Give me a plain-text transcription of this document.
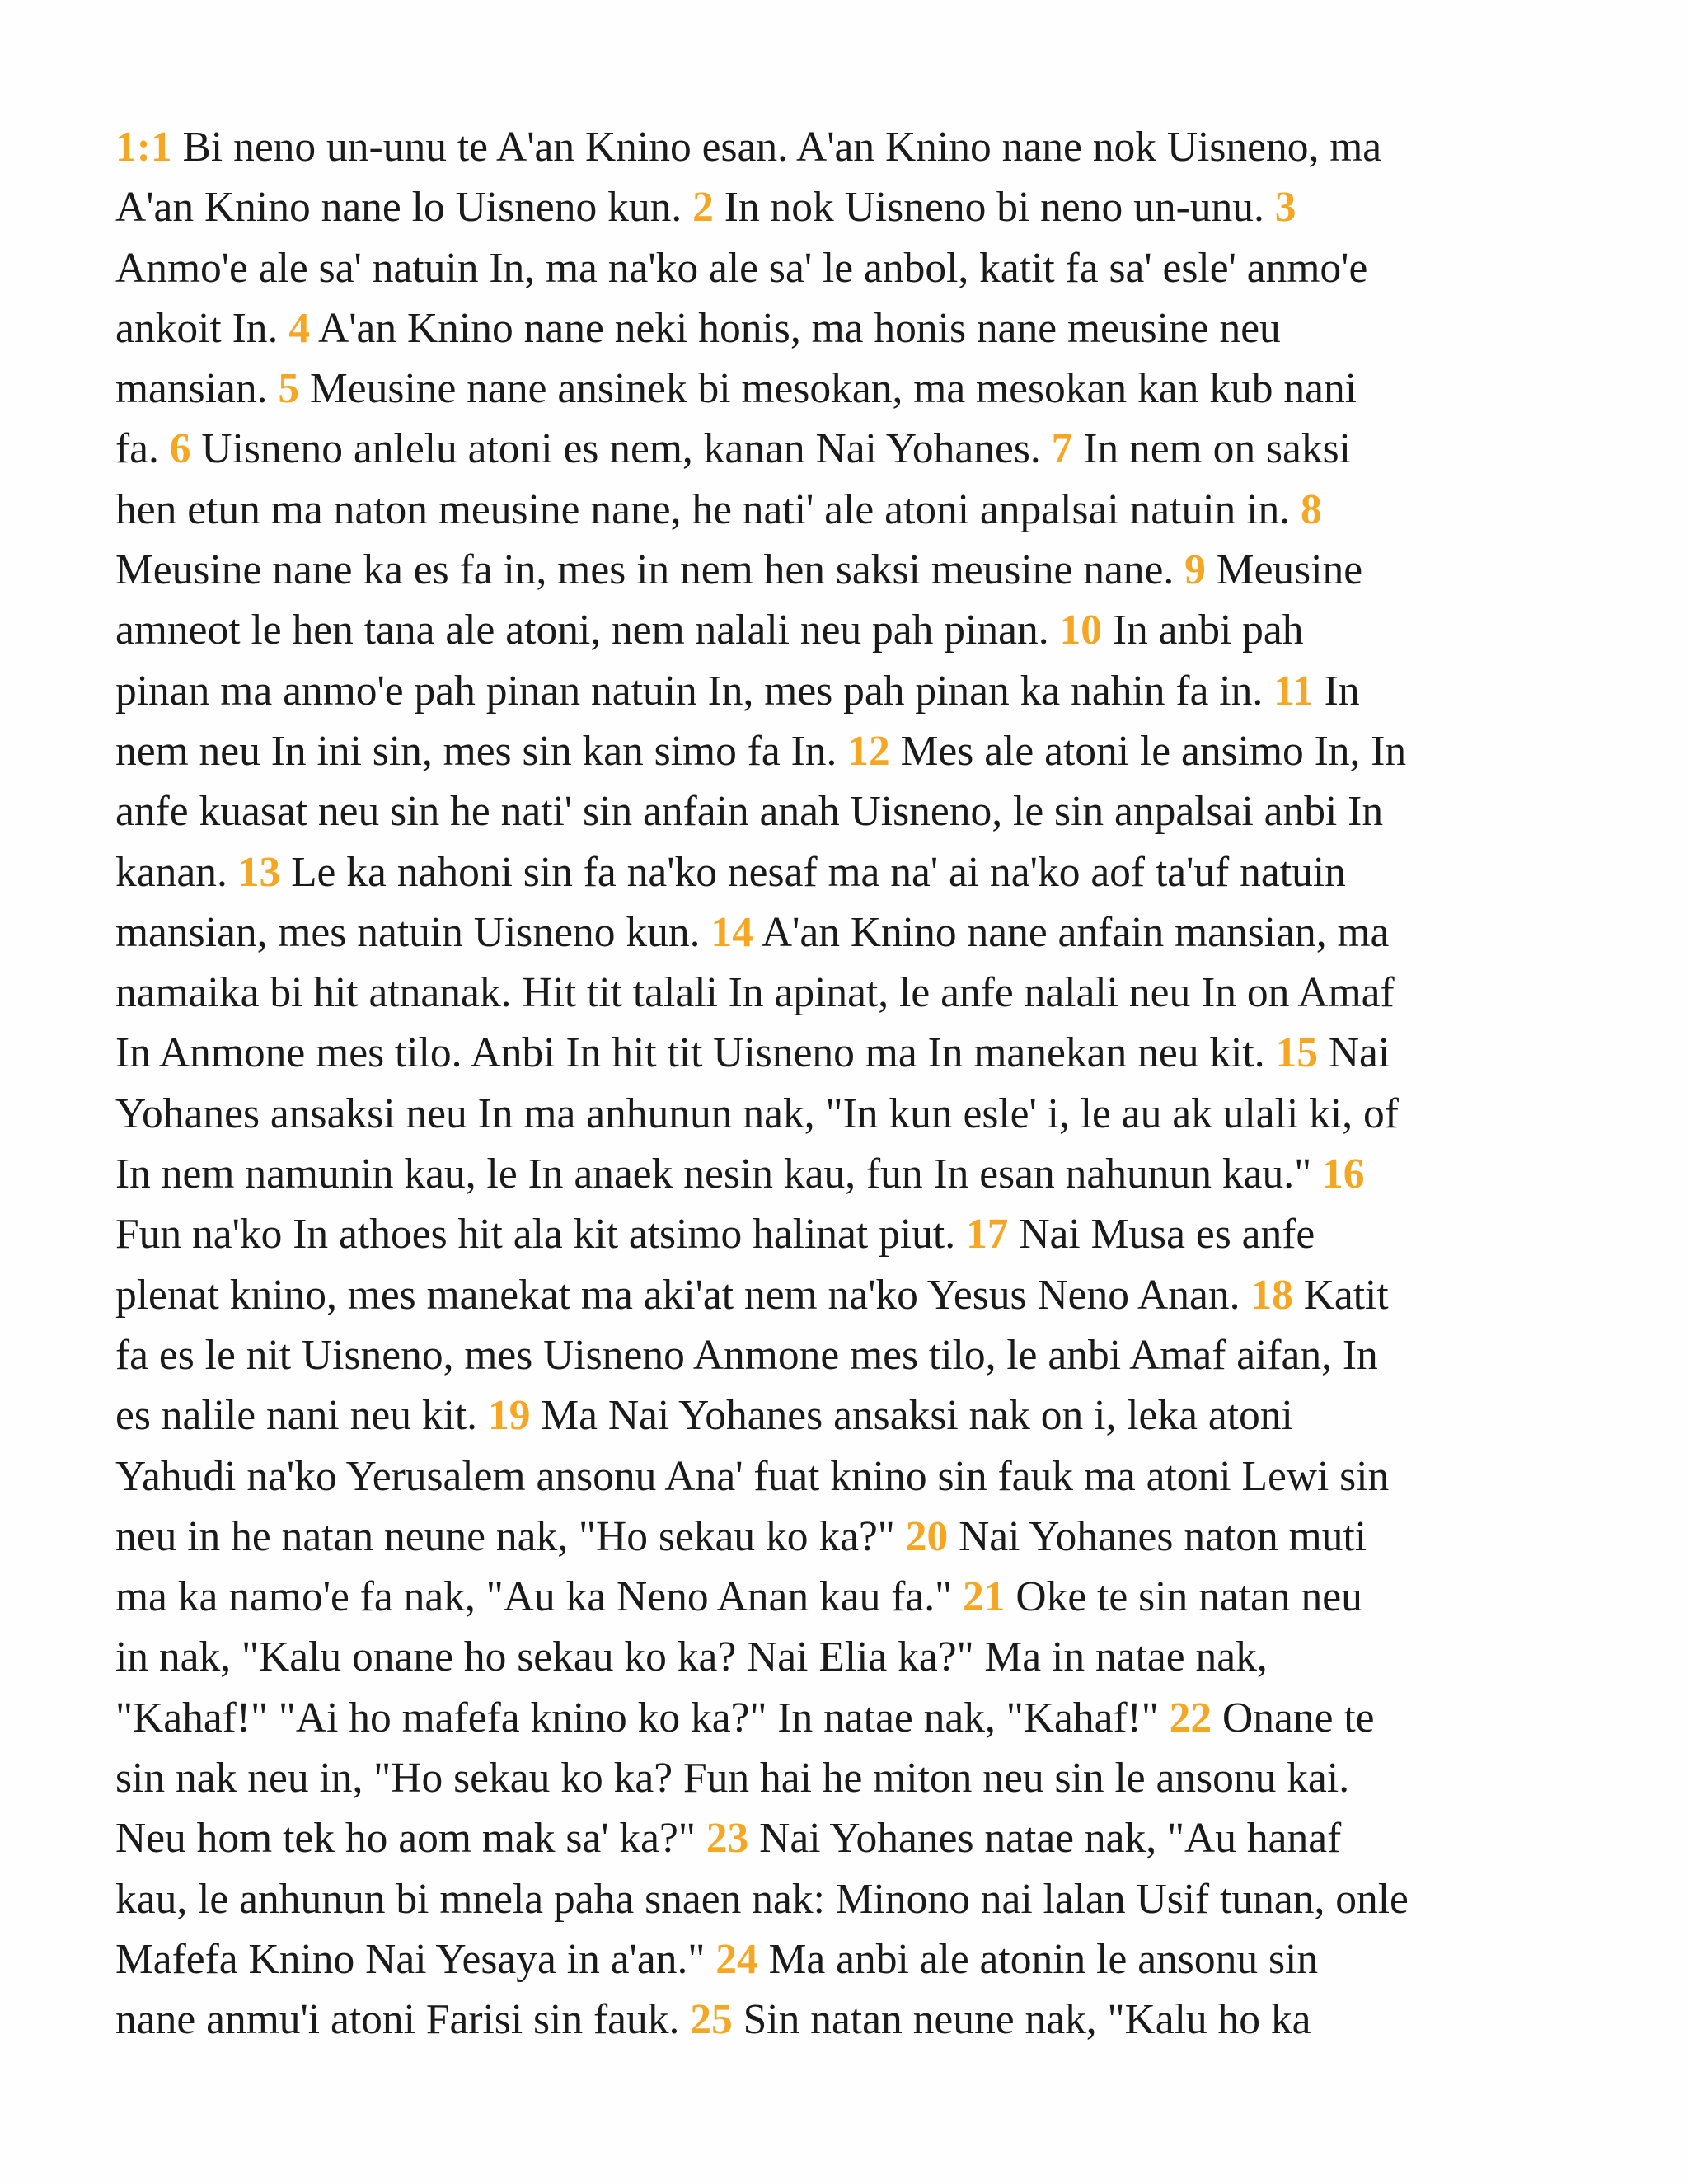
1:1 Bi neno un-unu te A'an Knino esan. A'an Knino nane nok Uisneno, ma
A'an Knino nane lo Uisneno kun. 2 In nok Uisneno bi neno un-unu. 3
Anmo'e ale sa' natuin In, ma na'ko ale sa' le anbol, katit fa sa' esle' anmo'e
ankoit In. 4 A'an Knino nane neki honis, ma honis nane meusine neu
mansian. 5 Meusine nane ansinek bi mesokan, ma mesokan kan kub nani
fa. 6 Uisneno anlelu atoni es nem, kanan Nai Yohanes. 7 In nem on saksi
hen etun ma naton meusine nane, he nati' ale atoni anpalsai natuin in. 8
Meusine nane ka es fa in, mes in nem hen saksi meusine nane. 9 Meusine
amneot le hen tana ale atoni, nem nalali neu pah pinan. 10 In anbi pah
pinan ma anmo'e pah pinan natuin In, mes pah pinan ka nahin fa in. 11 In
nem neu In ini sin, mes sin kan simo fa In. 12 Mes ale atoni le ansimo In, In
anfe kuasat neu sin he nati' sin anfain anah Uisneno, le sin anpalsai anbi In
kanan. 13 Le ka nahoni sin fa na'ko nesaf ma na' ai na'ko aof ta'uf natuin
mansian, mes natuin Uisneno kun. 14 A'an Knino nane anfain mansian, ma
namaika bi hit atnanak. Hit tit talali In apinat, le anfe nalali neu In on Amaf
In Anmone mes tilo. Anbi In hit tit Uisneno ma In manekan neu kit. 15 Nai
Yohanes ansaksi neu In ma anhunun nak, "In kun esle' i, le au ak ulali ki, of
In nem namunin kau, le In anaek nesin kau, fun In esan nahunun kau." 16
Fun na'ko In athoes hit ala kit atsimo halinat piut. 17 Nai Musa es anfe
plenat knino, mes manekat ma aki'at nem na'ko Yesus Neno Anan. 18 Katit
fa es le nit Uisneno, mes Uisneno Anmone mes tilo, le anbi Amaf aifan, In
es nalile nani neu kit. 19 Ma Nai Yohanes ansaksi nak on i, leka atoni
Yahudi na'ko Yerusalem ansonu Ana' fuat knino sin fauk ma atoni Lewi sin
neu in he natan neune nak, "Ho sekau ko ka?" 20 Nai Yohanes naton muti
ma ka namo'e fa nak, "Au ka Neno Anan kau fa." 21 Oke te sin natan neu
in nak, "Kalu onane ho sekau ko ka? Nai Elia ka?" Ma in natae nak,
"Kahaf!" "Ai ho mafefa knino ko ka?" In natae nak, "Kahaf!" 22 Onane te
sin nak neu in, "Ho sekau ko ka? Fun hai he miton neu sin le ansonu kai.
Neu hom tek ho aom mak sa' ka?" 23 Nai Yohanes natae nak, "Au hanaf
kau, le anhunun bi mnela paha snaen nak: Minono nai lalan Usif tunan, onle
Mafefa Knino Nai Yesaya in a'an." 24 Ma anbi ale atonin le ansonu sin
nane anmu'i atoni Farisi sin fauk. 25 Sin natan neune nak, "Kalu ho ka
